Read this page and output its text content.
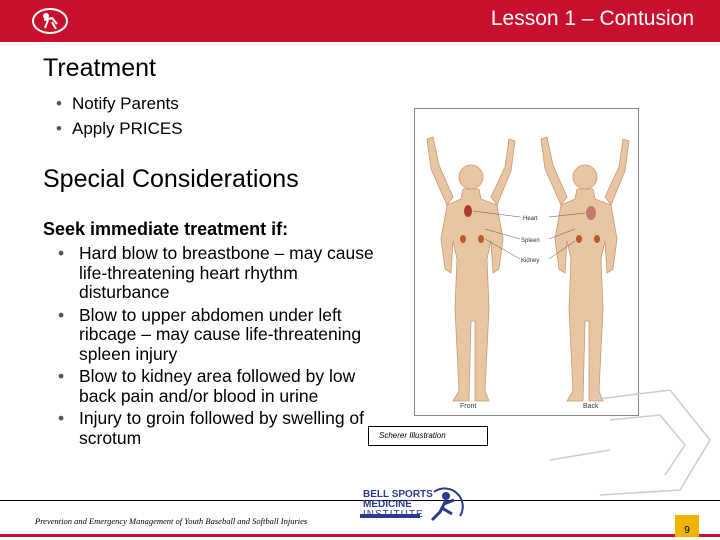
Lesson 1 – Contusion
Treatment
• Notify Parents
• Apply PRICES
Special Considerations
Seek immediate treatment if:
• Hard blow to breastbone – may cause life-threatening heart rhythm disturbance
• Blow to upper abdomen under left ribcage – may cause life-threatening spleen injury
• Blow to kidney area followed by low back pain and/or blood in urine
• Injury to groin followed by swelling of scrotum
Heart
Spleen
Kidney
Front	Back
Scherer Illustration
Prevention and Emergency Management of Youth Baseball and Softball Injuries
BELL SPORTS
MEDICINE
INSTITUTE
9
